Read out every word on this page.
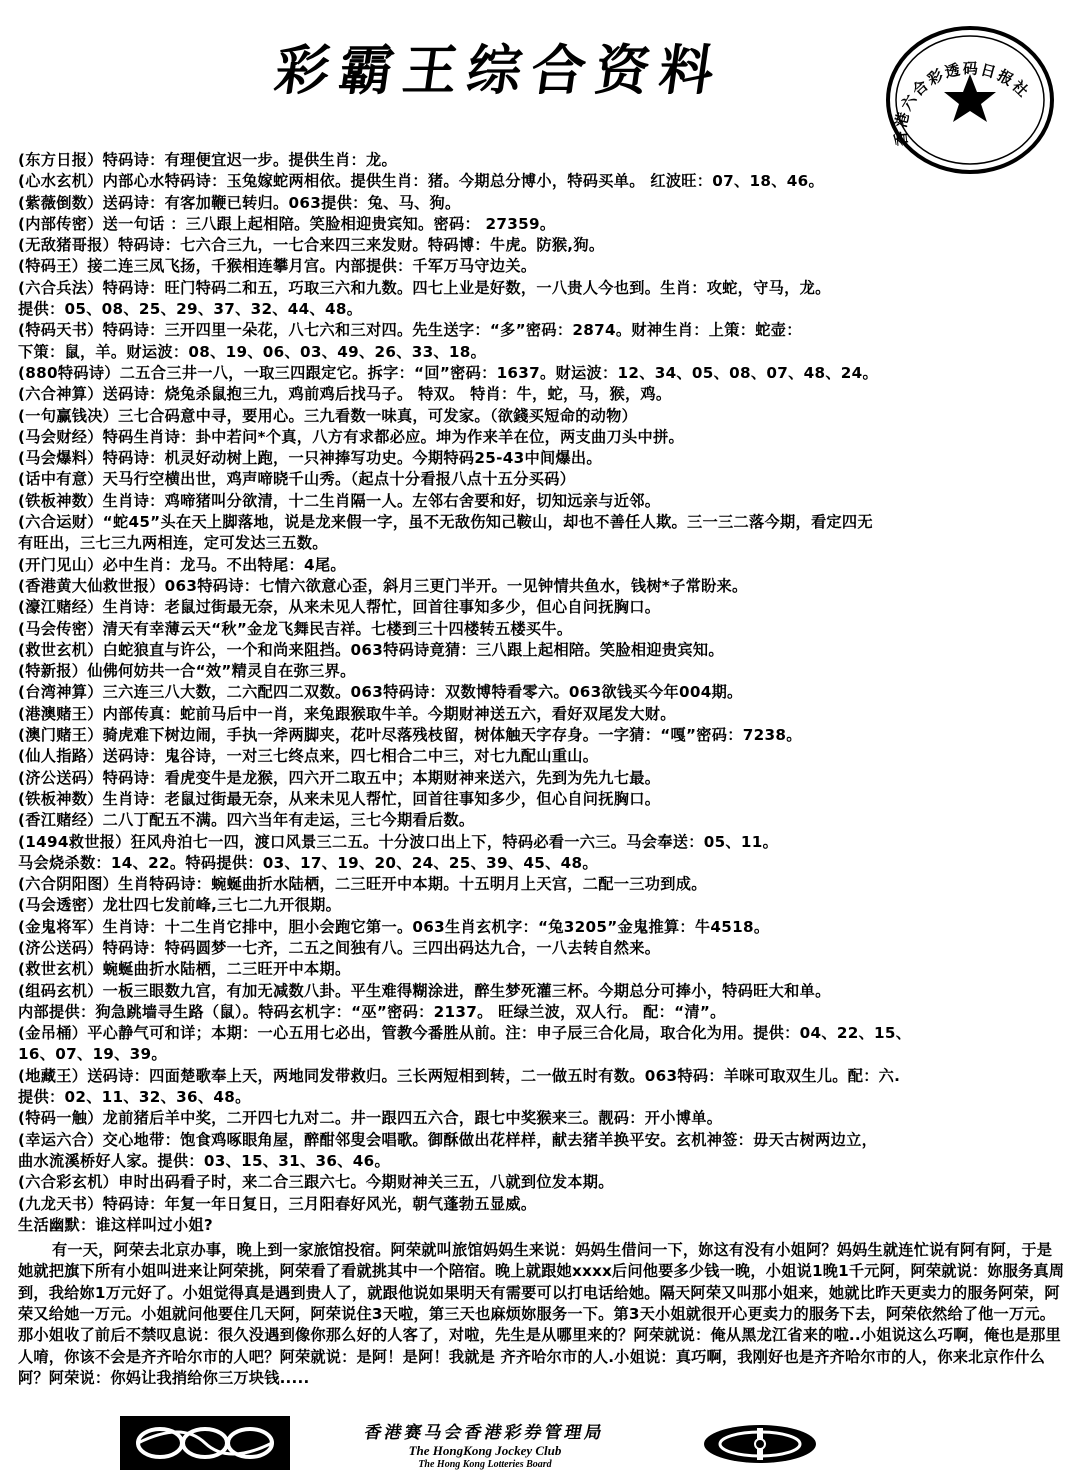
彩霸王综合资料
香港六合彩透码日报社
(东方日报）特码诗：有理便宜迟一步。提供生肖：龙。
(心水玄机）内部心水特码诗：玉兔嫁蛇两相依。提供生肖：猪。今期总分博小，特码买单。 红波旺：07、18、46。
(紫薇倒数）送码诗：有客加鞭已转归。063提供：兔、马、狗。
(内部传密）送一句话 ：三八跟上起相陪。笑脸相迎贵宾知。密码： 27359。
(无敌猪哥报）特码诗：七六合三九，一七合来四三来发财。特码博：牛虎。防猴,狗。
(特码王）接二连三凤飞扬，千猴相连攀月宫。内部提供：千军万马守边关。
(六合兵法）特码诗：旺门特码二和五，巧取三六和九数。四七上业是好数，一八贵人今也到。生肖：攻蛇，守马，龙。
提供：05、08、25、29、37、32、44、48。
(特码天书）特码诗：三开四里一朵花，八七六和三对四。先生送字：“多”密码：2874。财神生肖：上策：蛇壶：
下策：鼠，羊。财运波：08、19、06、03、49、26、33、18。
(880特码诗）二五合三井一八，一取三四跟定它。拆字：“回”密码：1637。财运波：12、34、05、08、07、48、24。
(六合神算）送码诗：烧兔杀鼠抱三九，鸡前鸡后找马子。 特双。 特肖：牛，蛇，马，猴，鸡。
(一句赢钱决）三七合码意中寻，要用心。三九看数一味真，可发家。（欲錢买短命的动物）
(马会财经）特码生肖诗：卦中若问*个真，八方有求都必应。坤为作来羊在位，两支曲刀头中拼。
(马会爆料）特码诗：机灵好动树上跑，一只神捧写功史。今期特码25-43中间爆出。
(话中有意）天马行空横出世，鸡声啼晓千山秀。（起点十分看报八点十五分买码）
(铁板神数）生肖诗：鸡啼猪叫分欲清，十二生肖隔一人。左邻右舍要和好，切知远亲与近邻。
(六合运财）“蛇45”头在天上脚落地，说是龙来假一字，虽不无敌伤知己鞍山，却也不善任人欺。三一三二落今期，看定四无
有旺出，三七三九两相连，定可发达三五数。
(开门见山）必中生肖：龙马。不出特尾：4尾。
(香港黄大仙救世报）063特码诗：七情六欲意心歪，斜月三更门半开。一见钟情共鱼水，钱树*子常盼来。
(濠江赌经）生肖诗：老鼠过街最无奈，从来未见人帮忙，回首往事知多少，但心自问抚胸口。
(马会传密）清天有幸薄云天“秋”金龙飞舞民吉祥。七楼到三十四楼转五楼买牛。
(救世玄机）白蛇狼直与许公，一个和尚来阻挡。063特码诗竟猜：三八跟上起相陪。笑脸相迎贵宾知。
(特新报）仙佛何妨共一合“效”精灵自在弥三界。
(台湾神算）三六连三八大数，二六配四二双数。063特码诗：双数博特看零六。063欲钱买今年004期。
(港澳赌王）内部传真：蛇前马后中一肖，来兔跟猴取牛羊。今期财神送五六，看好双尾发大财。
(澳门赌王）骑虎难下树边闹，手执一斧两脚夹，花叶尽落残枝留，树体触天字存身。一字猜：“嘎”密码：7238。
(仙人指路）送码诗：鬼谷诗，一对三七终点来，四七相合二中三，对七九配山重山。
(济公送码）特码诗：看虎变牛是龙猴，四六开二取五中；本期财神来送六，先到为先九七最。
(铁板神数）生肖诗：老鼠过街最无奈，从来未见人帮忙，回首往事知多少，但心自问抚胸口。
(香江赌经）二八丁配五不满。四六当年有走运，三七今期看后数。
(1494救世报）狂风舟泊七一四，渡口风景三二五。十分波口出上下，特码必看一六三。马会奉送：05、11。
马会烧杀数：14、22。特码提供：03、17、19、20、24、25、39、45、48。
(六合阴阳图）生肖特码诗：蜿蜒曲折水陆栖，二三旺开中本期。十五明月上天宫，二配一三功到成。
(马会透密）龙壮四七发前峰,三七二九开很期。
(金鬼将军）生肖诗：十二生肖它排中，胆小会跑它第一。063生肖玄机字：“兔3205”金鬼推算：牛4518。
(济公送码）特码诗：特码圆梦一七齐，二五之间独有八。三四出码达九合，一八去转自然来。
(救世玄机）蜿蜒曲折水陆栖，二三旺开中本期。
(组码玄机）一板三眼数九宫，有加无减数八卦。平生难得糊涂进，醉生梦死灌三杯。今期总分可捧小，特码旺大和单。
内部提供：狗急跳墙寻生路（鼠）。特码玄机字：“巫”密码：2137。 旺绿兰波，双人行。 配：“清”。
(金吊桶）平心静气可和详；本期：一心五用七必出，管教今番胜从前。注：申子辰三合化局，取合化为用。提供：04、22、15、
16、07、19、39。
(地藏王）送码诗：四面楚歌奉上天，两地同发带救归。三长两短相到转，二一做五时有数。063特码：羊咪可取双生儿。配：六.
提供：02、11、32、36、48。
(特码一触）龙前猪后羊中奖，二开四七九对二。井一跟四五六合，跟七中奖猴来三。靓码：开小博单。
(幸运六合）交心地带：饱食鸡啄眼角屋，醉酣邻叟会唱歌。御酥做出花样样，献去猪羊换平安。玄机神签：毋天古树两边立，
曲水流溪桥好人家。提供：03、15、31、36、46。
(六合彩玄机）申时出码看子时，来二合三跟六七。今期财神关三五，八就到位发本期。
(九龙天书）特码诗：年复一年日复日，三月阳春好风光，朝气蓬勃五显威。
生活幽默：谁这样叫过小姐?
有一天，阿荣去北京办事，晚上到一家旅馆投宿。阿荣就叫旅馆妈妈生来说：妈妈生借问一下，妳这有没有小姐阿？妈妈生就连忙说有阿有阿，于是她就把旗下所有小姐叫进来让阿荣挑，阿荣看了看就挑其中一个陪宿。晚上就跟她xxxx后问他要多少钱一晚，小姐说1晚1千元阿，阿荣就说：妳服务真周到，我给妳1万元好了。小姐觉得真是遇到贵人了，就跟他说如果明天有需要可以打电话给她。隔天阿荣又叫那小姐来，她就比昨天更卖力的服务阿荣，阿荣又给她一万元。小姐就问他要住几天阿，阿荣说住3天啦，第三天也麻烦妳服务一下。第3天小姐就很开心更卖力的服务下去，阿荣依然给了他一万元。那小姐收了前后不禁叹息说：很久没遇到像你那么好的人客了，对啦，先生是从哪里来的？阿荣就说：俺从黑龙江省来的啦..小姐说这么巧啊，俺也是那里人唷，你该不会是齐齐哈尔市的人吧？阿荣就说：是阿！是阿！我就是 齐齐哈尔市的人.小姐说：真巧啊，我刚好也是齐齐哈尔市的人，你来北京作什么阿？阿荣说：你妈让我捎给你三万块钱.....
香港赛马会香港彩券管理局
The HongKong Jockey Club
The Hong Kong Lotteries Board
